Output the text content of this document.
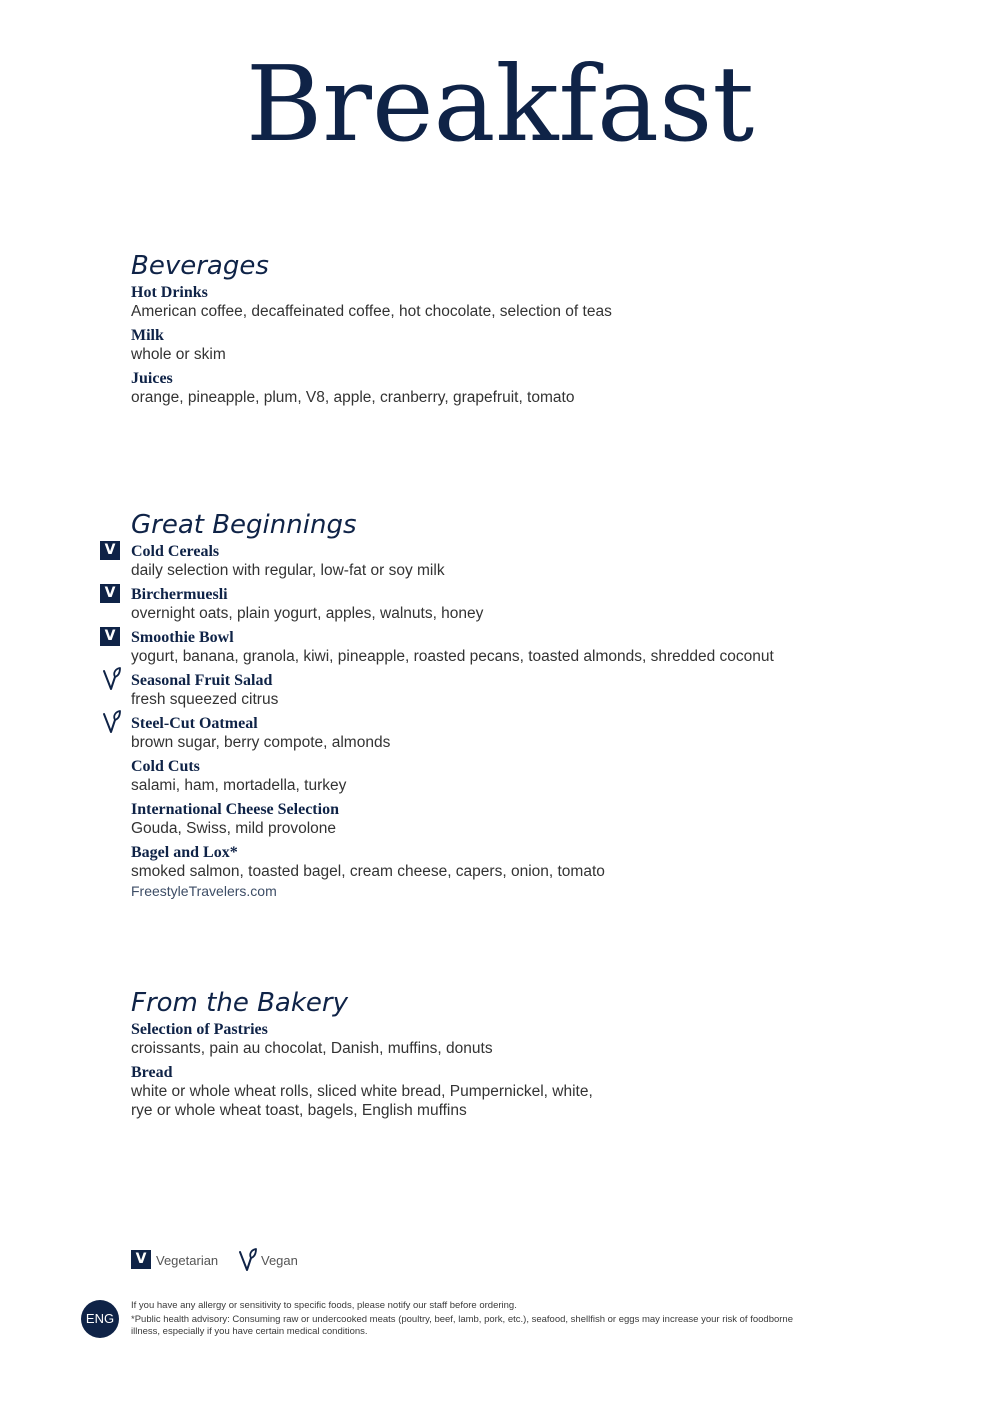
Breakfast
Beverages
Hot Drinks
American coffee, decaffeinated coffee, hot chocolate, selection of teas
Milk
whole or skim
Juices
orange, pineapple, plum, V8, apple, cranberry, grapefruit, tomato
Great Beginnings
V Cold Cereals
daily selection with regular, low-fat or soy milk
V Birchermuesli
overnight oats, plain yogurt, apples, walnuts, honey
V Smoothie Bowl
yogurt, banana, granola, kiwi, pineapple, roasted pecans, toasted almonds, shredded coconut
Seasonal Fruit Salad
fresh squeezed citrus
Steel-Cut Oatmeal
brown sugar, berry compote, almonds
Cold Cuts
salami, ham, mortadella, turkey
International Cheese Selection
Gouda, Swiss, mild provolone
Bagel and Lox*
smoked salmon, toasted bagel, cream cheese, capers, onion, tomato
FreestyleTravelers.com
From the Bakery
Selection of Pastries
croissants, pain au chocolat, Danish, muffins, donuts
Bread
white or whole wheat rolls, sliced white bread, Pumpernickel, white,
rye or whole wheat toast, bagels, English muffins
V Vegetarian	Vegan
ENG
If you have any allergy or sensitivity to specific foods, please notify our staff before ordering.
*Public health advisory: Consuming raw or undercooked meats (poultry, beef, lamb, pork, etc.), seafood, shellfish or eggs may increase your risk of foodborne illness, especially if you have certain medical conditions.
